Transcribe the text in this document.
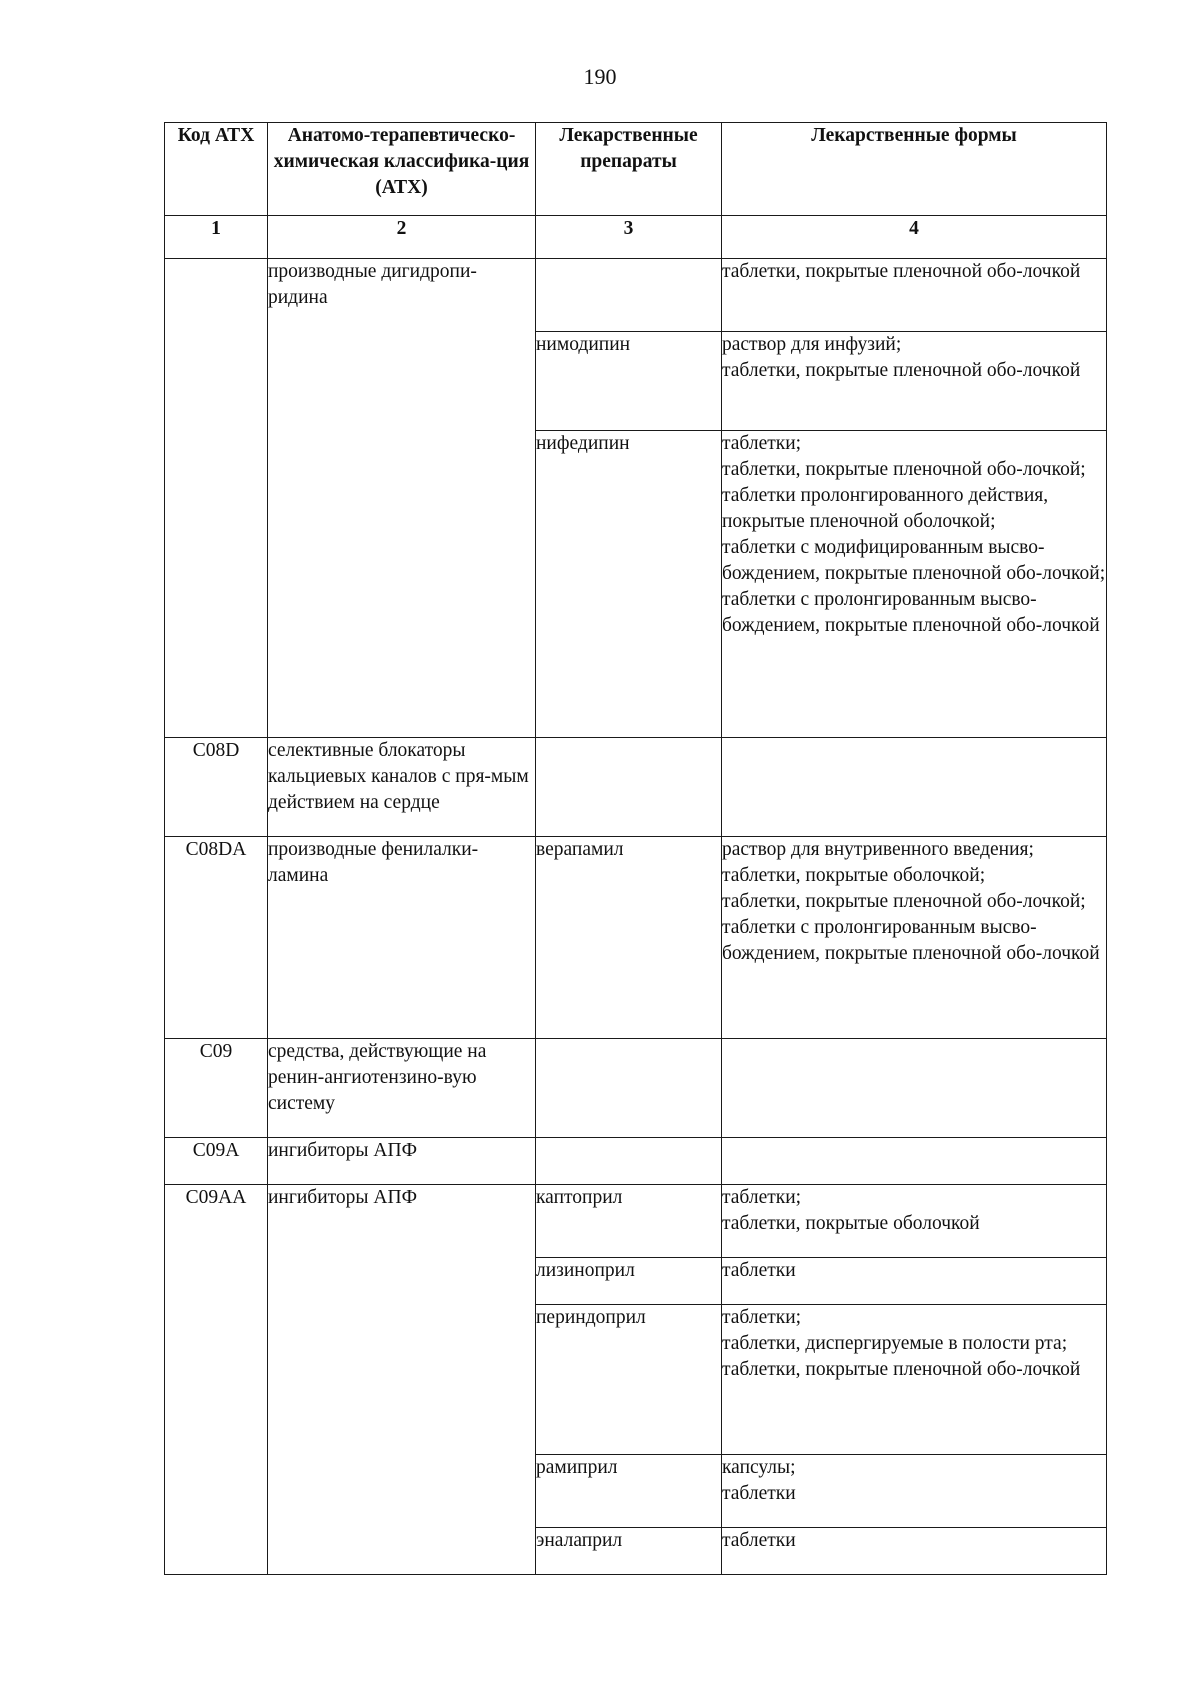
190
Код АТХ	Анатомо-терапевтическо-химическая классифика-ция (АТХ)	Лекарственные препараты	Лекарственные формы
1	2	3	4
	производные дигидропи-ридина		таблетки, покрытые пленочной обо-лочкой

		нимодипин	раствор для инфузий;
таблетки, покрытые пленочной обо-лочкой

		нифедипин	таблетки;
таблетки, покрытые пленочной обо-лочкой;
таблетки пролонгированного действия, покрытые пленочной оболочкой;
таблетки с модифицированным высво-бождением, покрытые пленочной обо-лочкой;
таблетки с пролонгированным высво-бождением, покрытые пленочной обо-лочкой

C08D	селективные блокаторы кальциевых каналов с пря-мым действием на сердце		
C08DA	производные фенилалки-ламина	верапамил	раствор для внутривенного введения;
таблетки, покрытые оболочкой;
таблетки, покрытые пленочной обо-лочкой;
таблетки с пролонгированным высво-бождением, покрытые пленочной обо-лочкой

C09	средства, действующие на ренин-ангиотензино-вую систему		
C09A	ингибиторы АПФ		
C09AA	ингибиторы АПФ	каптоприл	таблетки;
таблетки, покрытые оболочкой

		лизиноприл	таблетки

		периндоприл	таблетки;
таблетки, диспергируемые в полости рта;
таблетки, покрытые пленочной обо-лочкой

		рамиприл	капсулы;
таблетки

		эналаприл	таблетки
